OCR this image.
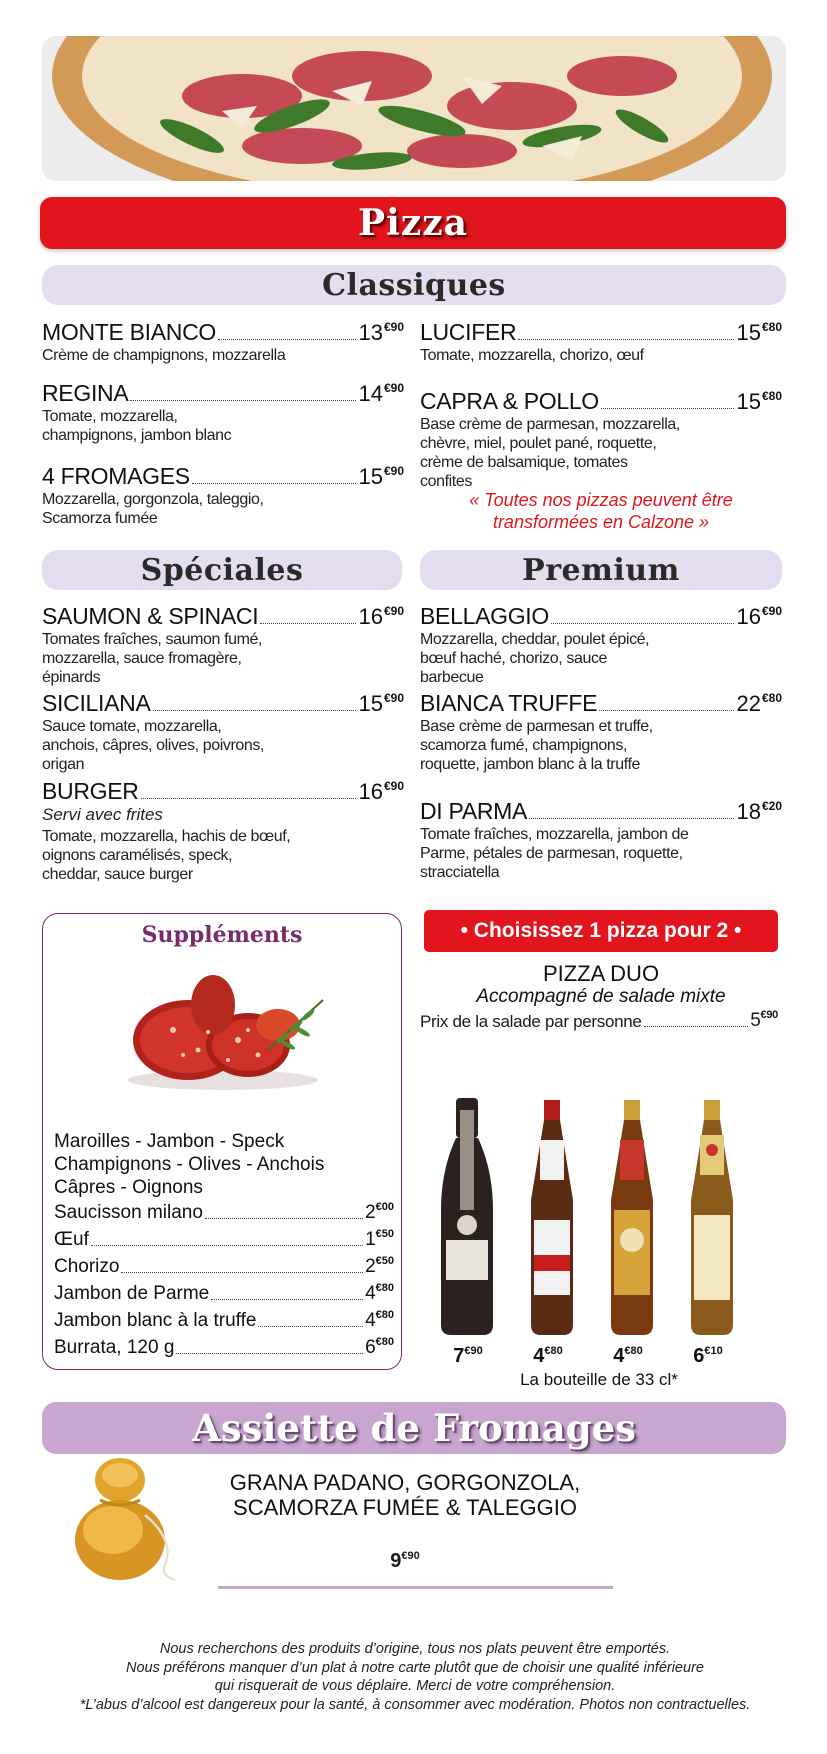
Pizza
Classiques
MONTE BIANCO	$13^{€90}$
Crème de champignons, mozzarella
REGINA	$14^{€90}$
Tomate, mozzarella, champignons, jambon blanc
4 FROMAGES	$15^{€90}$
Mozzarella, gorgonzola, taleggio, Scamorza fumée
LUCIFER	$15^{€80}$
Tomate, mozzarella, chorizo, œuf
CAPRA & POLLO	$15^{€80}$
Base crème de parmesan, mozzarella, chèvre, miel, poulet pané, roquette, crème de balsamique, tomates confites
« Toutes nos pizzas peuvent être transformées en Calzone »
Spéciales	Premium
SAUMON & SPINACI	$16^{€90}$
Tomates fraîches, saumon fumé, mozzarella, sauce fromagère, épinards
SICILIANA	$15^{€90}$
Sauce tomate, mozzarella, anchois, câpres, olives, poivrons, origan
BURGER	$16^{€90}$
Servi avec frites
Tomate, mozzarella, hachis de bœuf, oignons caramélisés, speck, cheddar, sauce burger
BELLAGGIO	$16^{€90}$
Mozzarella, cheddar, poulet épicé, bœuf haché, chorizo, sauce barbecue
BIANCA TRUFFE	$22^{€80}$
Base crème de parmesan et truffe, scamorza fumé, champignons, roquette, jambon blanc à la truffe
DI PARMA	$18^{€20}$
Tomate fraîches, mozzarella, jambon de Parme, pétales de parmesan, roquette, stracciatella
Suppléments
Maroilles - Jambon - Speck
Champignons - Olives - Anchois
Câpres - Oignons
Saucisson milano	$2^{€00}$
Œuf	$1^{€50}$
Chorizo	$2^{€50}$
Jambon de Parme	$4^{€80}$
Jambon blanc à la truffe	$4^{€80}$
Burrata, 120 g	$6^{€80}$
• Choisissez 1 pizza pour 2 •
PIZZA DUO
Accompagné de salade mixte
Prix de la salade par personne	$5^{€90}$
$7^{€90}$	$4^{€80}$	$4^{€80}$	$6^{€10}$
La bouteille de 33 cl*
Assiette de Fromages
GRANA PADANO, GORGONZOLA, SCAMORZA FUMÉE & TALEGGIO
$9^{€90}$
Nous recherchons des produits d’origine, tous nos plats peuvent être emportés.
Nous préférons manquer d’un plat à notre carte plutôt que de choisir une qualité inférieure
qui risquerait de vous déplaire. Merci de votre compréhension.
*L’abus d’alcool est dangereux pour la santé, à consommer avec modération. Photos non contractuelles.
